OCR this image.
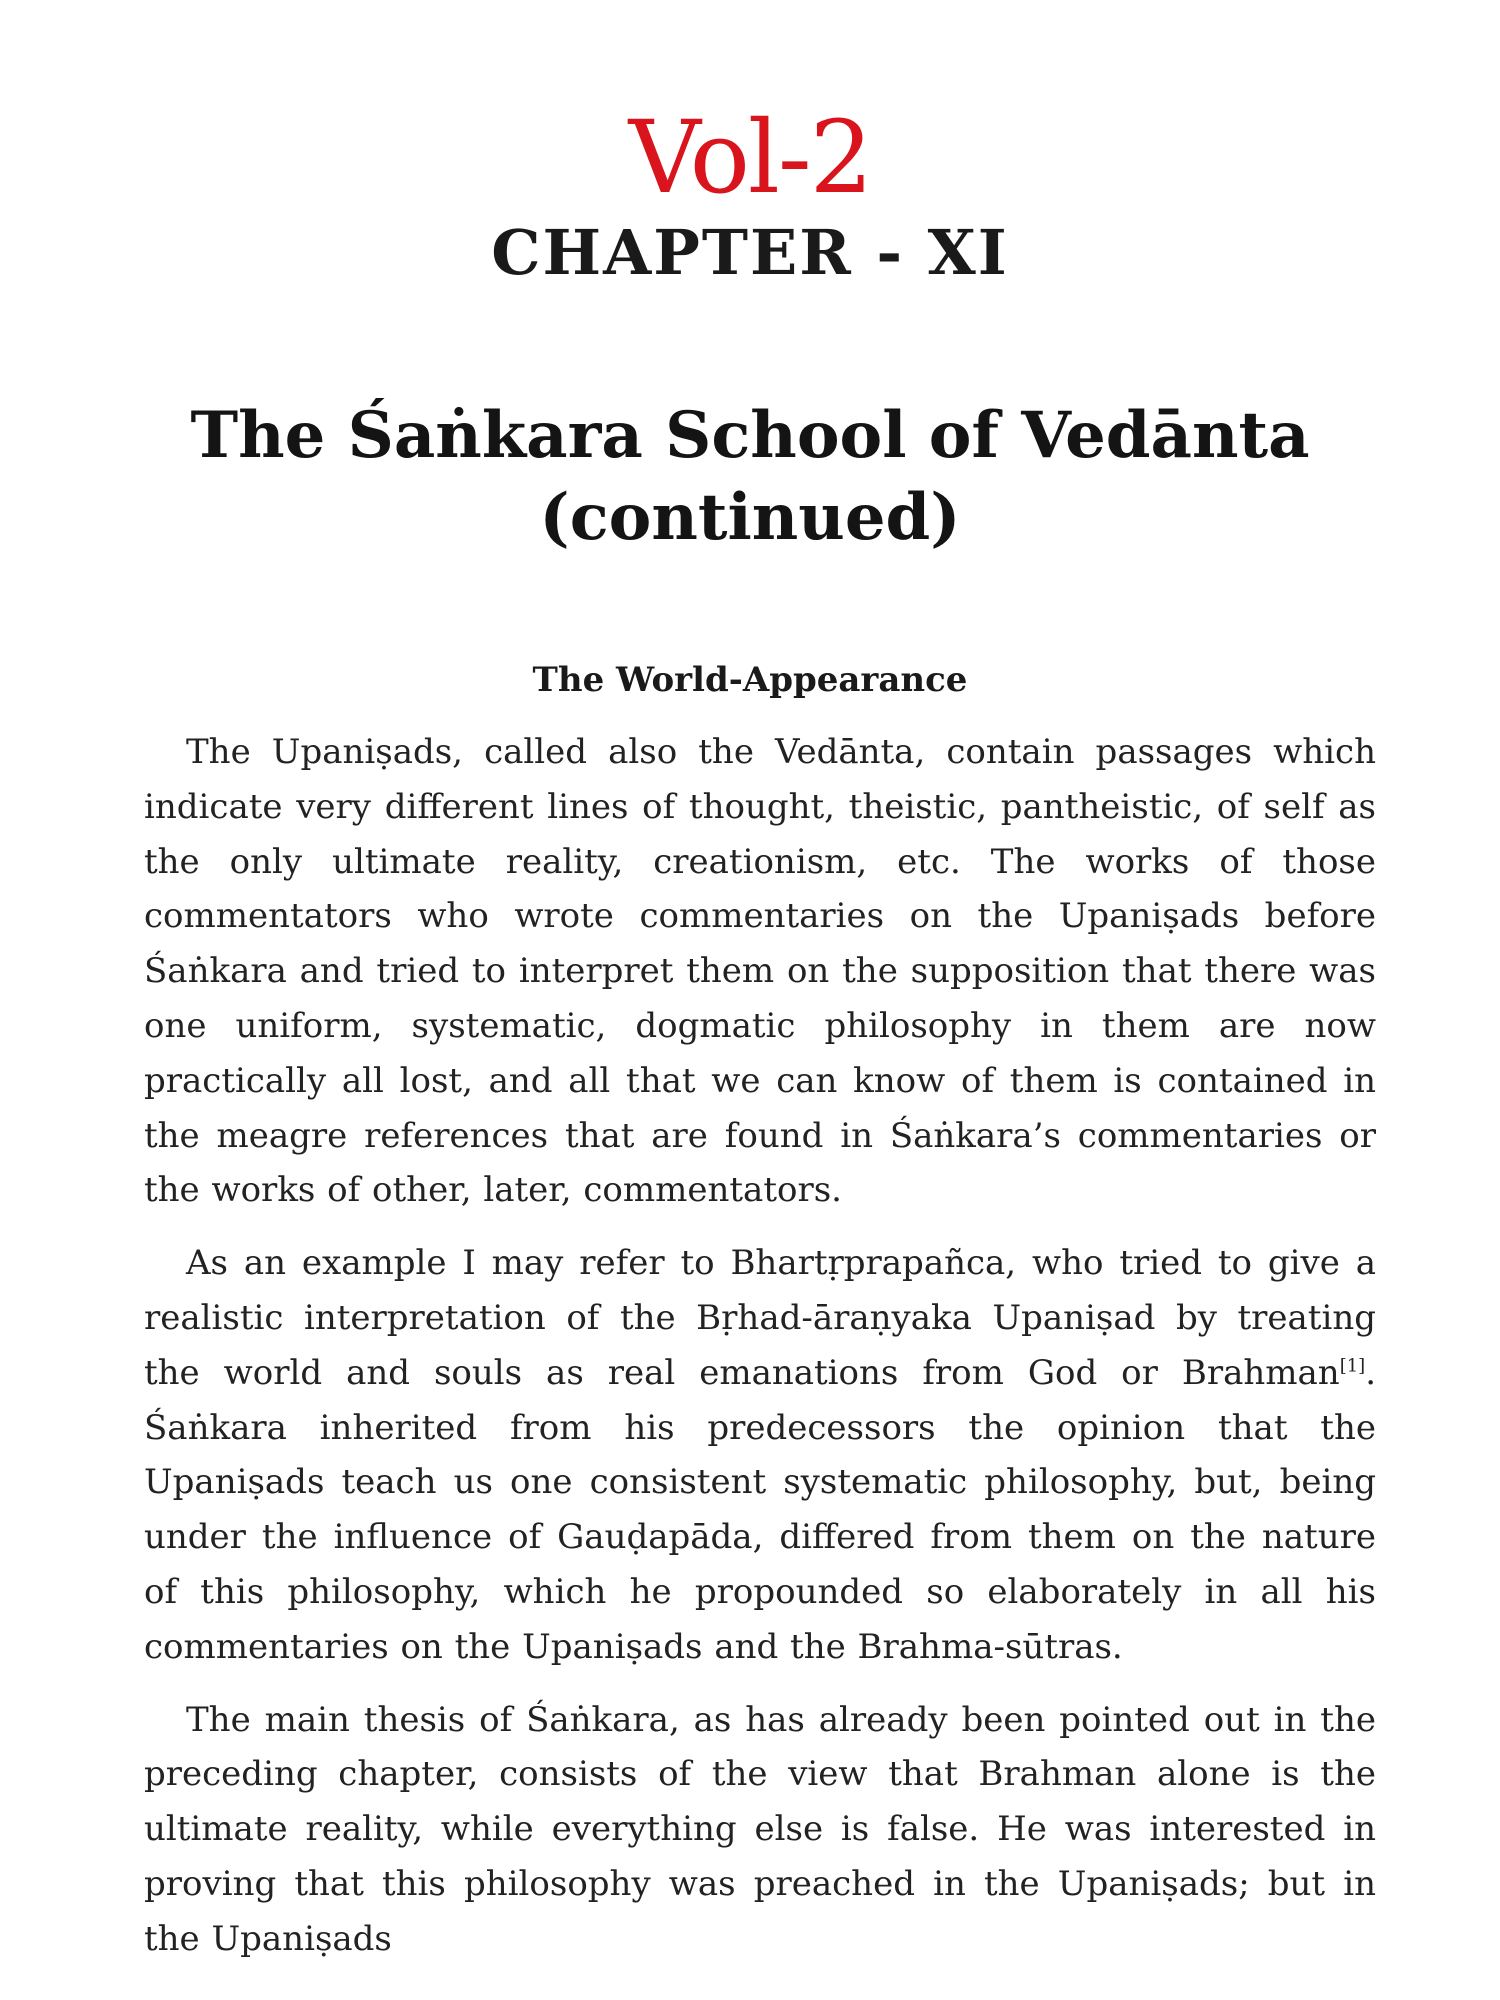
Vol-2
CHAPTER - XI
The Śaṅkara School of Vedānta
(continued)
The World-Appearance

The Upaniṣads, called also the Vedānta, contain passages which indicate very different lines of thought, theistic, pantheistic, of self as the only ultimate reality, creationism, etc. The works of those commentators who wrote commentaries on the Upaniṣads before Śaṅkara and tried to interpret them on the supposition that there was one uniform, systematic, dogmatic philosophy in them are now practically all lost, and all that we can know of them is contained in the meagre references that are found in Śaṅkara’s commentaries or the works of other, later, commentators.

As an example I may refer to Bhartṛprapañca, who tried to give a realistic interpretation of the Bṛhad-āraṇyaka Upaniṣad by treating the world and souls as real emanations from God or Brahman[1]. Śaṅkara inherited from his predecessors the opinion that the Upaniṣads teach us one consistent systematic philosophy, but, being under the influence of Gauḍapāda, differed from them on the nature of this philosophy, which he propounded so elaborately in all his commentaries on the Upaniṣads and the Brahma-sūtras.

The main thesis of Śaṅkara, as has already been pointed out in the preceding chapter, consists of the view that Brahman alone is the ultimate reality, while everything else is false. He was interested in proving that this philosophy was preached in the Upaniṣads; but in the Upaniṣads
